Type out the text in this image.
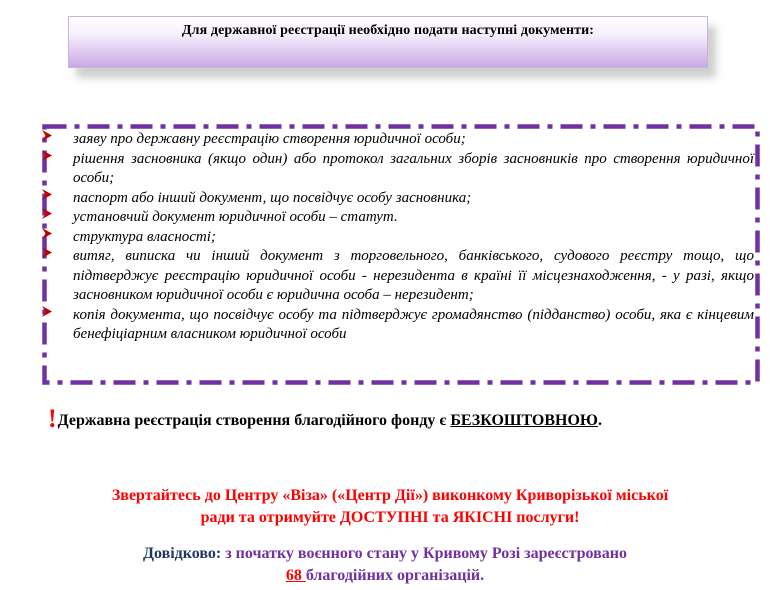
Для державної реєстрації необхідно подати наступні документи:
заяву про державну реєстрацію створення юридичної особи;
рішення засновника (якщо один) або протокол загальних зборів засновників про створення юридичної особи;
паспорт або інший документ, що посвідчує особу засновника;
установчий документ юридичної особи – статут.
структура власності;
витяг, виписка чи інший документ з торговельного, банківського, судового реєстру тощо, що підтверджує реєстрацію юридичної особи - нерезидента в країні її місцезнаходження, - у разі, якщо засновником юридичної особи є юридична особа – нерезидент;
копія документа, що посвідчує особу та підтверджує громадянство (підданство) особи, яка є кінцевим бенефіціарним власником юридичної особи
!Державна реєстрація створення благодійного фонду є БЕЗКОШТОВНОЮ.
Звертайтесь до Центру «Віза» («Центр Дії») виконкому Криворізької міської
ради та отримуйте ДОСТУПНІ та ЯКІСНІ послуги!
Довідково: з початку воєнного стану у Кривому Розі зареєстровано
68 благодійних організацій.
